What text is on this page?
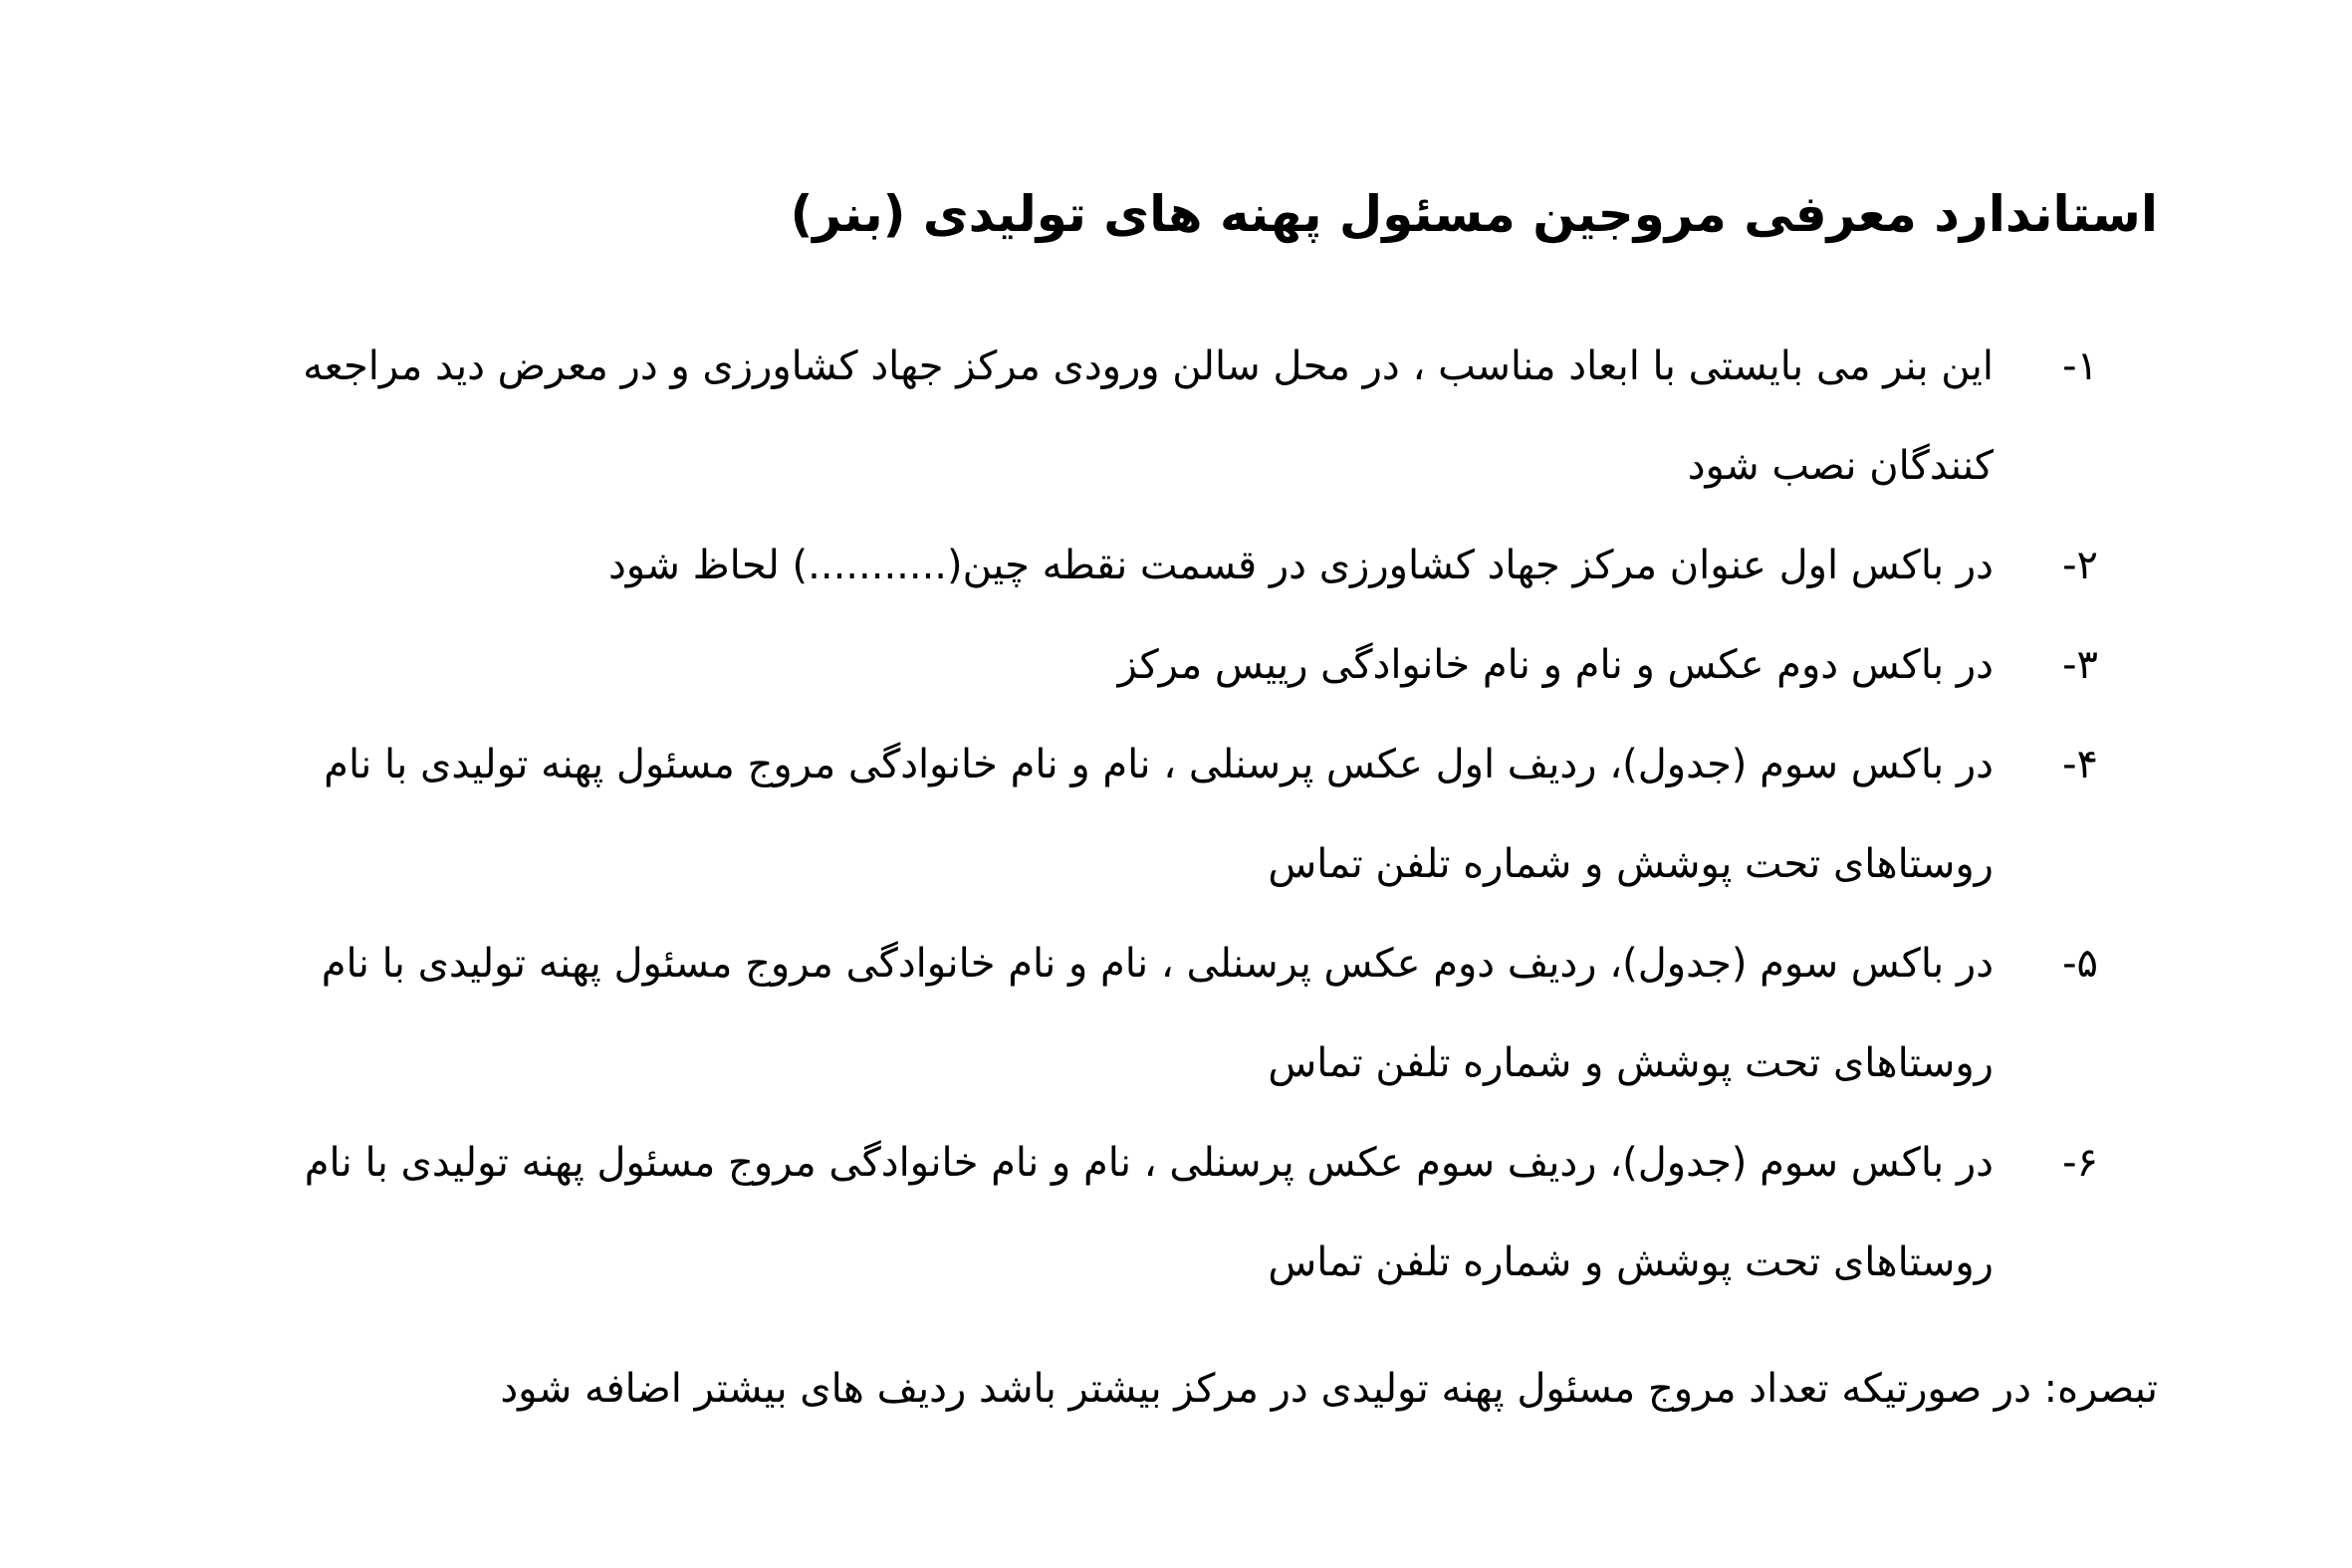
استاندارد معرفی مروجین مسئول پهنه های تولیدی (بنر)
۱-
این بنر می بایستی با ابعاد مناسب ، در محل سالن ورودی مرکز جهاد کشاورزی و در معرض دید مراجعه کنندگان نصب شود
۲-
در باکس اول عنوان مرکز جهاد کشاورزی در قسمت نقطه چین(...........) لحاظ شود
۳-
در باکس دوم عکس و نام و نام خانوادگی رییس مرکز
۴-
در باکس سوم (جدول)، ردیف اول عکس پرسنلی ، نام و نام خانوادگی مروج مسئول پهنه تولیدی با نام روستاهای تحت پوشش و شماره تلفن تماس
۵-
در باکس سوم (جدول)، ردیف دوم عکس پرسنلی ، نام و نام خانوادگی مروج مسئول پهنه تولیدی با نام روستاهای تحت پوشش و شماره تلفن تماس
۶-
در باکس سوم (جدول)، ردیف سوم عکس پرسنلی ، نام و نام خانوادگی مروج مسئول پهنه تولیدی با نام روستاهای تحت پوشش و شماره تلفن تماس

تبصره: در صورتیکه تعداد مروج مسئول پهنه تولیدی در مرکز بیشتر باشد ردیف های بیشتر اضافه شود
